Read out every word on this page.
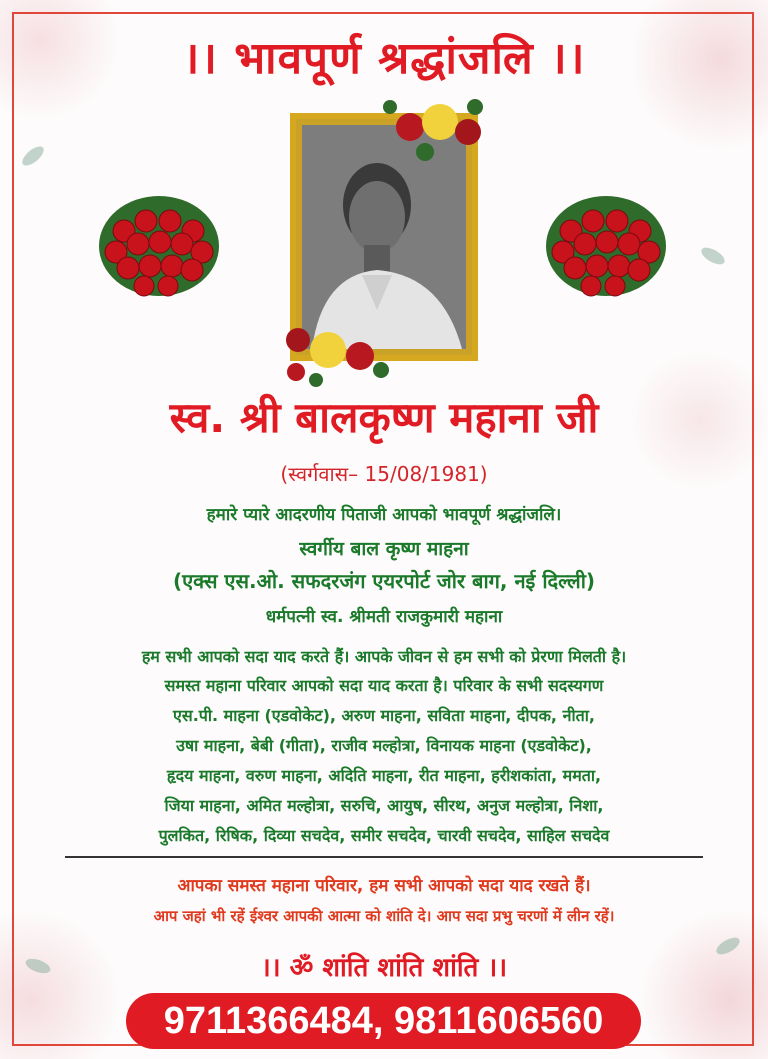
।। भावपूर्ण श्रद्धांजलि ।।
स्व. श्री बालकृष्ण महाना जी
(स्वर्गवास– 15/08/1981)
हमारे प्यारे आदरणीय पिताजी आपको भावपूर्ण श्रद्धांजलि।
स्वर्गीय बाल कृष्ण माहना
(एक्स एस.ओ. सफदरजंग एयरपोर्ट जोर बाग, नई दिल्ली)
धर्मपत्नी स्व. श्रीमती राजकुमारी महाना
हम सभी आपको सदा याद करते हैं। आपके जीवन से हम सभी को प्रेरणा मिलती है।
समस्त महाना परिवार आपको सदा याद करता है। परिवार के सभी सदस्यगण
एस.पी. माहना (एडवोकेट), अरुण माहना, सविता माहना, दीपक, नीता,
उषा माहना, बेबी (गीता), राजीव मल्होत्रा, विनायक माहना (एडवोकेट),
हृदय माहना, वरुण माहना, अदिति माहना, रीत माहना, हरीशकांता, ममता,
जिया माहना, अमित मल्होत्रा, सरुचि, आयुष, सीरथ, अनुज मल्होत्रा, निशा,
पुलकित, रिषिक, दिव्या सचदेव, समीर सचदेव, चारवी सचदेव, साहिल सचदेव
आपका समस्त महाना परिवार, हम सभी आपको सदा याद रखते हैं।
आप जहां भी रहें ईश्वर आपकी आत्मा को शांति दे। आप सदा प्रभु चरणों में लीन रहें।
।। ॐ शांति शांति शांति ।।
9711366484, 9811606560
